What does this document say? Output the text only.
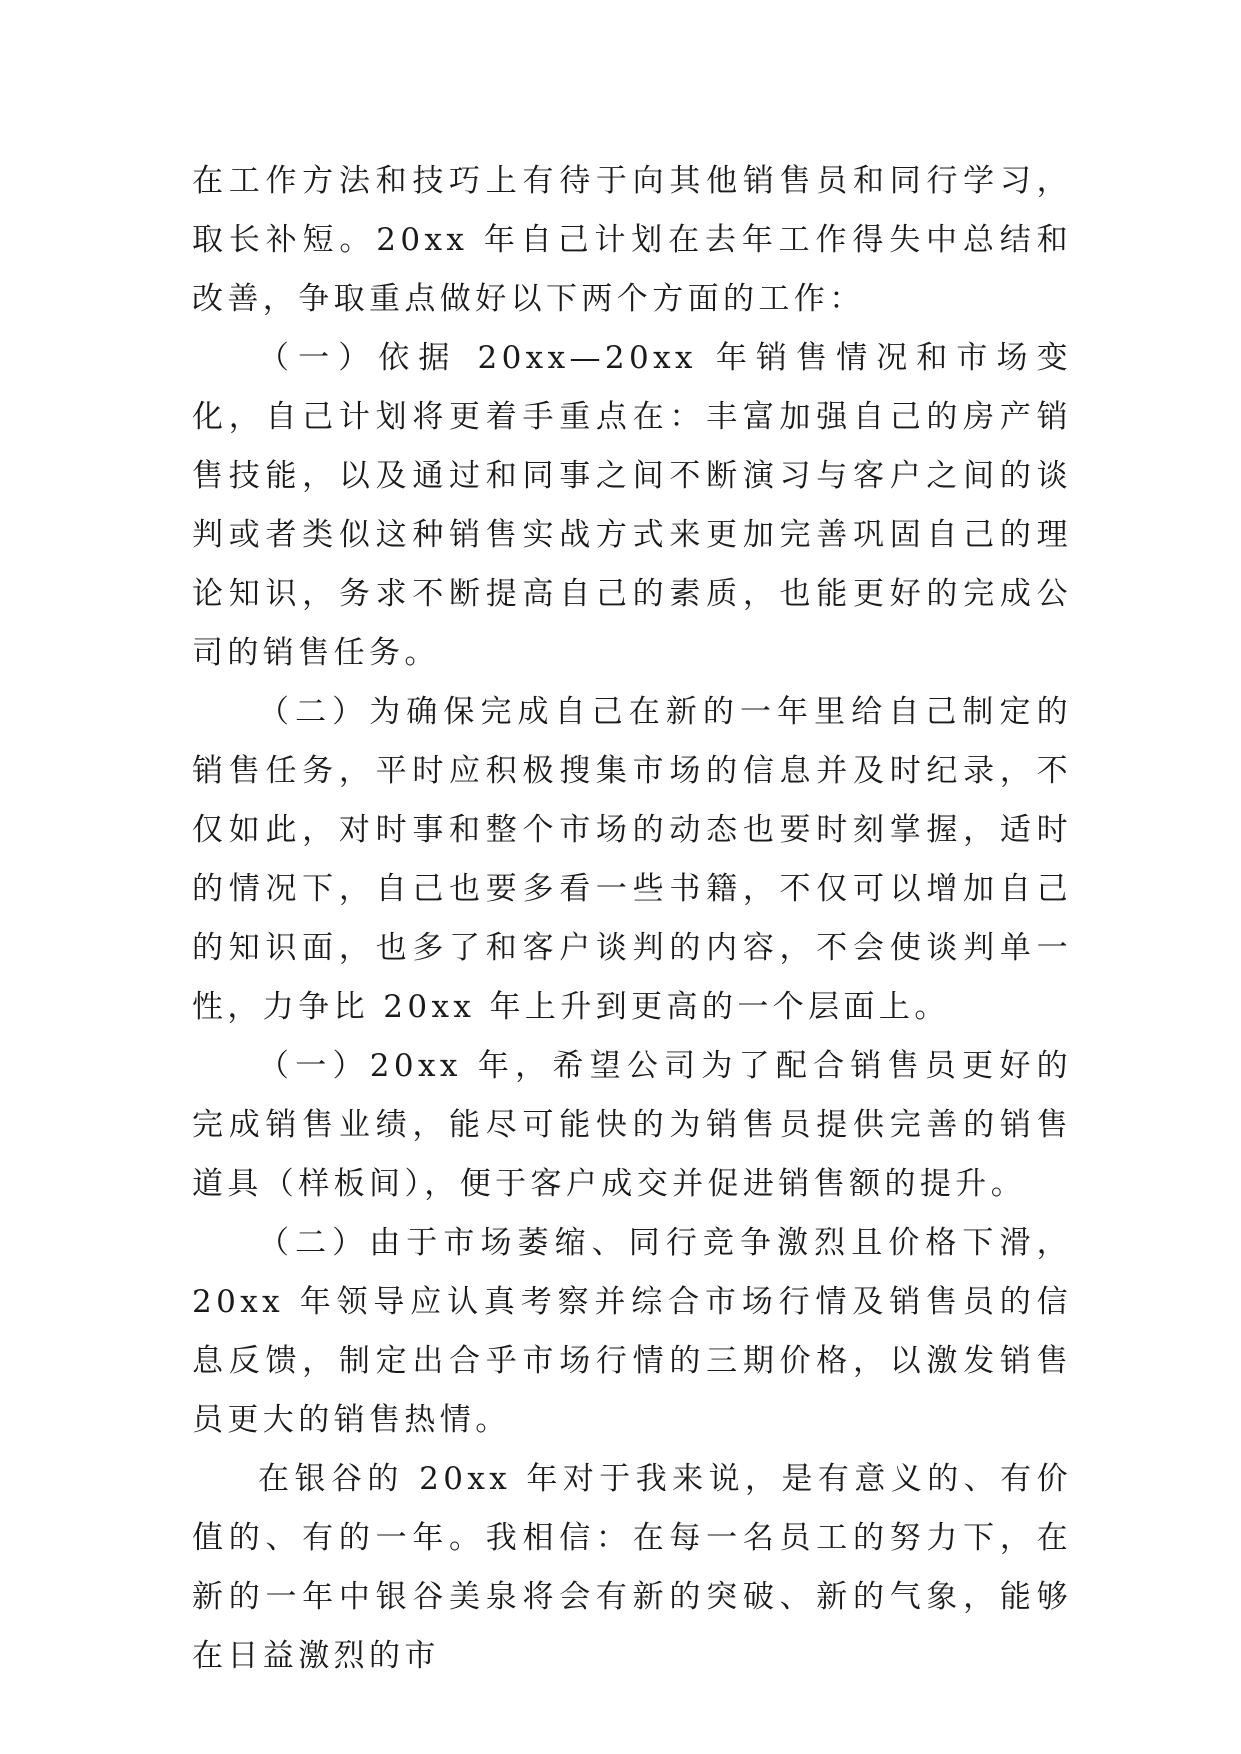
在工作方法和技巧上有待于向其他销售员和同行学习，取长补短。20xx 年自己计划在去年工作得失中总结和改善，争取重点做好以下两个方面的工作：

（一）依据 20xx—20xx 年销售情况和市场变化，自己计划将更着手重点在：丰富加强自己的房产销售技能，以及通过和同事之间不断演习与客户之间的谈判或者类似这种销售实战方式来更加完善巩固自己的理论知识，务求不断提高自己的素质，也能更好的完成公司的销售任务。

（二）为确保完成自己在新的一年里给自己制定的销售任务，平时应积极搜集市场的信息并及时纪录，不仅如此，对时事和整个市场的动态也要时刻掌握，适时的情况下，自己也要多看一些书籍，不仅可以增加自己的知识面，也多了和客户谈判的内容，不会使谈判单一性，力争比 20xx 年上升到更高的一个层面上。

（一）20xx 年，希望公司为了配合销售员更好的完成销售业绩，能尽可能快的为销售员提供完善的销售道具（样板间），便于客户成交并促进销售额的提升。

（二）由于市场萎缩、同行竞争激烈且价格下滑，20xx 年领导应认真考察并综合市场行情及销售员的信息反馈，制定出合乎市场行情的三期价格，以激发销售员更大的销售热情。

在银谷的 20xx 年对于我来说，是有意义的、有价值的、有的一年。我相信：在每一名员工的努力下，在新的一年中银谷美泉将会有新的突破、新的气象，能够在日益激烈的市
